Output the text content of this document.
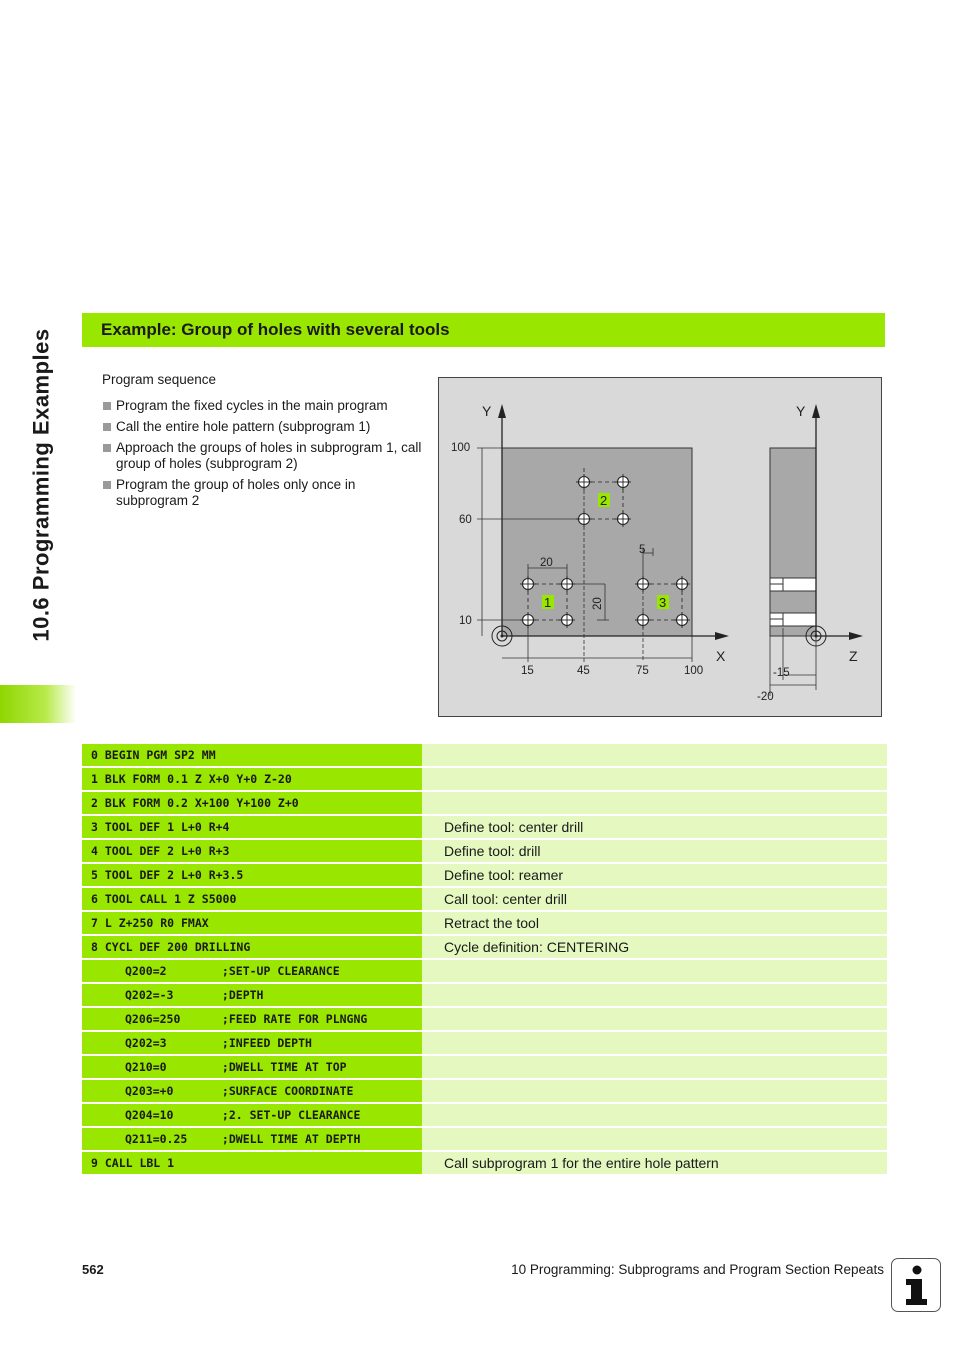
10.6 Programming Examples	Example: Group of holes with several tools

Program sequence

Program the fixed cycles in the main program
Call the entire hole pattern (subprogram 1)
Approach the groups of holes in subprogram 1, call group of holes (subprogram 2)
Program the group of holes only once in subprogram 2
Y	Y
X	Z
100
60
10
15	45	75	100
20
20
5
2
1	3
-15
-20
0 BEGIN PGM SP2 MM
1 BLK FORM 0.1 Z X+0 Y+0 Z-20
2 BLK FORM 0.2 X+100 Y+100 Z+0
3 TOOL DEF 1 L+0 R+4	Define tool: center drill
4 TOOL DEF 2 L+0 R+3	Define tool: drill
5 TOOL DEF 2 L+0 R+3.5	Define tool: reamer
6 TOOL CALL 1 Z S5000	Call tool: center drill
7 L Z+250 R0 FMAX	Retract the tool
8 CYCL DEF 200 DRILLING	Cycle definition: CENTERING
Q200=2        ;SET-UP CLEARANCE
Q202=-3       ;DEPTH
Q206=250      ;FEED RATE FOR PLNGNG
Q202=3        ;INFEED DEPTH
Q210=0        ;DWELL TIME AT TOP
Q203=+0       ;SURFACE COORDINATE
Q204=10       ;2. SET-UP CLEARANCE
Q211=0.25     ;DWELL TIME AT DEPTH
9 CALL LBL 1	Call subprogram 1 for the entire hole pattern
562	10 Programming: Subprograms and Program Section Repeats
